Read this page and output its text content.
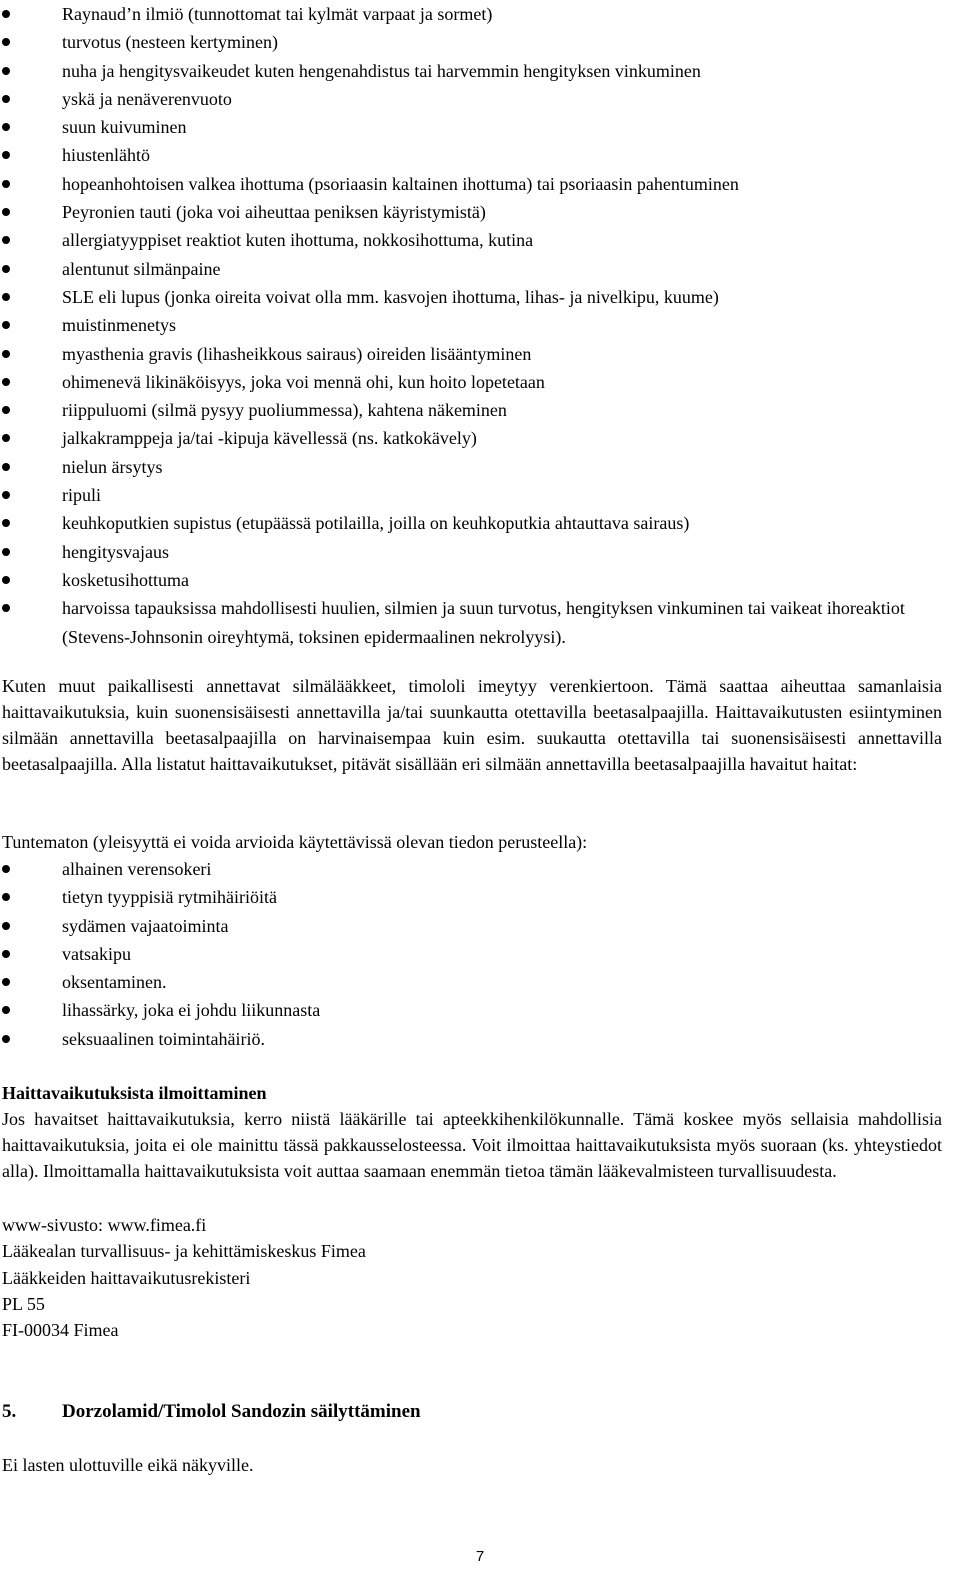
Raynaud’n ilmiö (tunnottomat tai kylmät varpaat ja sormet)
turvotus (nesteen kertyminen)
nuha ja hengitysvaikeudet kuten hengenahdistus tai harvemmin hengityksen vinkuminen
yskä ja nenäverenvuoto
suun kuivuminen
hiustenlähtö
hopeanhohtoisen valkea ihottuma (psoriaasin kaltainen ihottuma) tai psoriaasin pahentuminen
Peyronien tauti (joka voi aiheuttaa peniksen käyristymistä)
allergiatyyppiset reaktiot kuten ihottuma, nokkosihottuma, kutina
alentunut silmänpaine
SLE eli lupus (jonka oireita voivat olla mm. kasvojen ihottuma, lihas- ja nivelkipu, kuume)
muistinmenetys
myasthenia gravis (lihasheikkous sairaus) oireiden lisääntyminen
ohimenevä likinäköisyys, joka voi mennä ohi, kun hoito lopetetaan
riippuluomi (silmä pysyy puoliummessa), kahtena näkeminen
jalkakramppeja ja/tai -kipuja kävellessä (ns. katkokävely)
nielun ärsytys
ripuli
keuhkoputkien supistus (etupäässä potilailla, joilla on keuhkoputkia ahtauttava sairaus)
hengitysvajaus
kosketusihottuma
harvoissa tapauksissa mahdollisesti huulien, silmien ja suun turvotus, hengityksen vinkuminen tai vaikeat ihoreaktiot (Stevens-Johnsonin oireyhtymä, toksinen epidermaalinen nekrolyysi).

Kuten muut paikallisesti annettavat silmälääkkeet, timololi imeytyy verenkiertoon. Tämä saattaa aiheuttaa samanlaisia haittavaikutuksia, kuin suonensisäisesti annettavilla ja/tai suunkautta otettavilla beetasalpaajilla. Haittavaikutusten esiintyminen silmään annettavilla beetasalpaajilla on harvinaisempaa kuin esim. suukautta otettavilla tai suonensisäisesti annettavilla beetasalpaajilla. Alla listatut haittavaikutukset, pitävät sisällään eri silmään annettavilla beetasalpaajilla havaitut haitat:

Tuntematon (yleisyyttä ei voida arvioida käytettävissä olevan tiedon perusteella):

alhainen verensokeri
tietyn tyyppisiä rytmihäiriöitä
sydämen vajaatoiminta
vatsakipu
oksentaminen.
lihassärky, joka ei johdu liikunnasta
seksuaalinen toimintahäiriö.

Haittavaikutuksista ilmoittaminen

Jos havaitset haittavaikutuksia, kerro niistä lääkärille tai apteekkihenkilökunnalle. Tämä koskee myös sellaisia mahdollisia haittavaikutuksia, joita ei ole mainittu tässä pakkausselosteessa. Voit ilmoittaa haittavaikutuksista myös suoraan (ks. yhteystiedot alla). Ilmoittamalla haittavaikutuksista voit auttaa saamaan enemmän tietoa tämän lääkevalmisteen turvallisuudesta.

www-sivusto: www.fimea.fi
Lääkealan turvallisuus- ja kehittämiskeskus Fimea
Lääkkeiden haittavaikutusrekisteri
PL 55
FI-00034 Fimea
5. Dorzolamid/Timolol Sandozin säilyttäminen

Ei lasten ulottuville eikä näkyville.

7
